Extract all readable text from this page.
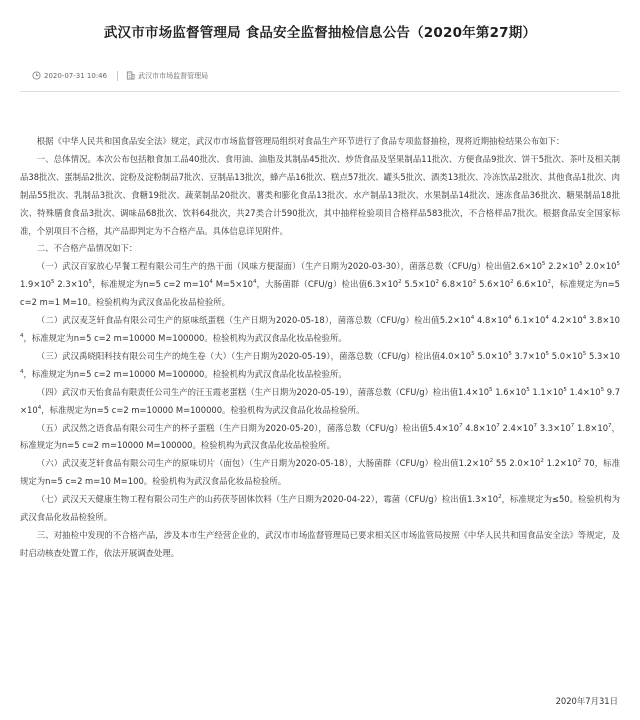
武汉市市场监督管理局 食品安全监督抽检信息公告（2020年第27期）
2020-07-31 10:46	武汉市市场监督管理局

根据《中华人民共和国食品安全法》规定，武汉市市场监督管理局组织对食品生产环节进行了食品专项监督抽检，现将近期抽检结果公布如下：

一、总体情况。本次公布包括粮食加工品40批次、食用油、油脂及其制品45批次、炒货食品及坚果制品11批次、方便食品9批次、饼干5批次、茶叶及相关制品38批次、蛋制品2批次、淀粉及淀粉制品7批次、豆制品13批次，蜂产品16批次、糕点57批次、罐头5批次、酒类13批次、冷冻饮品2批次、其他食品1批次、肉制品55批次、乳制品3批次、食糖19批次、蔬菜制品20批次、薯类和膨化食品13批次、水产制品13批次、水果制品14批次、速冻食品36批次、糖果制品18批次、特殊膳食食品3批次、调味品68批次、饮料64批次，共27类合计590批次，其中抽样检验项目合格样品583批次，不合格样品7批次。根据食品安全国家标准，个别项目不合格，其产品即判定为不合格产品。具体信息详见附件。

二、不合格产品情况如下：

（一）武汉百家放心早餐工程有限公司生产的热干面（风味方便湿面）（生产日期为2020-03-30），菌落总数（CFU/g）检出值$2.6\times 10^5$ $2.2\times 10^5$ $2.0\times 10^5$ $1.9\times 10^5$ $2.3\times 10^5$，标准规定为n=5 c=2 $m=10^4$ $M=5\times 10^4$，大肠菌群（CFU/g）检出值$6.3\times 10^2$ $5.5\times 10^2$ $6.8\times 10^2$ $5.6\times 10^2$ $6.6\times 10^2$，标准规定为n=5 c=2 m=1 M=10。检验机构为武汉食品化妆品检验所。

（二）武汉麦芝轩食品有限公司生产的原味纸蛋糕（生产日期为2020-05-18），菌落总数（CFU/g）检出值$5.2\times 10^4$ $4.8\times 10^4$ $6.1\times 10^4$ $4.2\times 10^4$ $3.8\times 10^4$，标准规定为n=5 c=2 m=10000 M=100000。检验机构为武汉食品化妆品检验所。

（三）武汉禹晓阳科技有限公司生产的炖生卷（大）（生产日期为2020-05-19），菌落总数（CFU/g）检出值$4.0\times 10^5$ $5.0\times 10^5$ $3.7\times 10^5$ $5.0\times 10^5$ $5.3\times 10^4$，标准规定为n=5 c=2 m=10000 M=100000。检验机构为武汉食品化妆品检验所。

（四）武汉市天怡食品有限责任公司生产的汪玉霞老蛋糕（生产日期为2020-05-19），菌落总数（CFU/g）检出值$1.4\times 10^5$ $1.6\times 10^5$ $1.1\times 10^5$ $1.4\times 10^5$ $9.7\times 10^4$，标准规定为n=5 c=2 m=10000 M=100000。检验机构为武汉食品化妆品检验所。

（五）武汉然之语食品有限公司生产的杯子蛋糕（生产日期为2020-05-20），菌落总数（CFU/g）检出值$5.4\times 10^7$ $4.8\times 10^7$ $2.4\times 10^7$ $3.3\times 10^7$ $1.8\times 10^7$，标准规定为n=5 c=2 m=10000 M=100000。检验机构为武汉食品化妆品检验所。

（六）武汉麦芝轩食品有限公司生产的原味切片（面包）（生产日期为2020-05-18），大肠菌群（CFU/g）检出值$1.2\times 10^2$ 55 $2.0\times 10^2$ $1.2\times 10^2$ 70，标准规定为n=5 c=2 m=10 M=100。检验机构为武汉食品化妆品检验所。

（七）武汉天天健康生物工程有限公司生产的山药茯苓固体饮料（生产日期为2020-04-22），霉菌（CFU/g）检出值$1.3\times 10^2$，标准规定为≤50。检验机构为武汉食品化妆品检验所。

三、对抽检中发现的不合格产品，涉及本市生产经营企业的，武汉市市场监督管理局已要求相关区市场监管局按照《中华人民共和国食品安全法》等规定，及时启动核查处置工作，依法开展调查处理。

2020年7月31日
